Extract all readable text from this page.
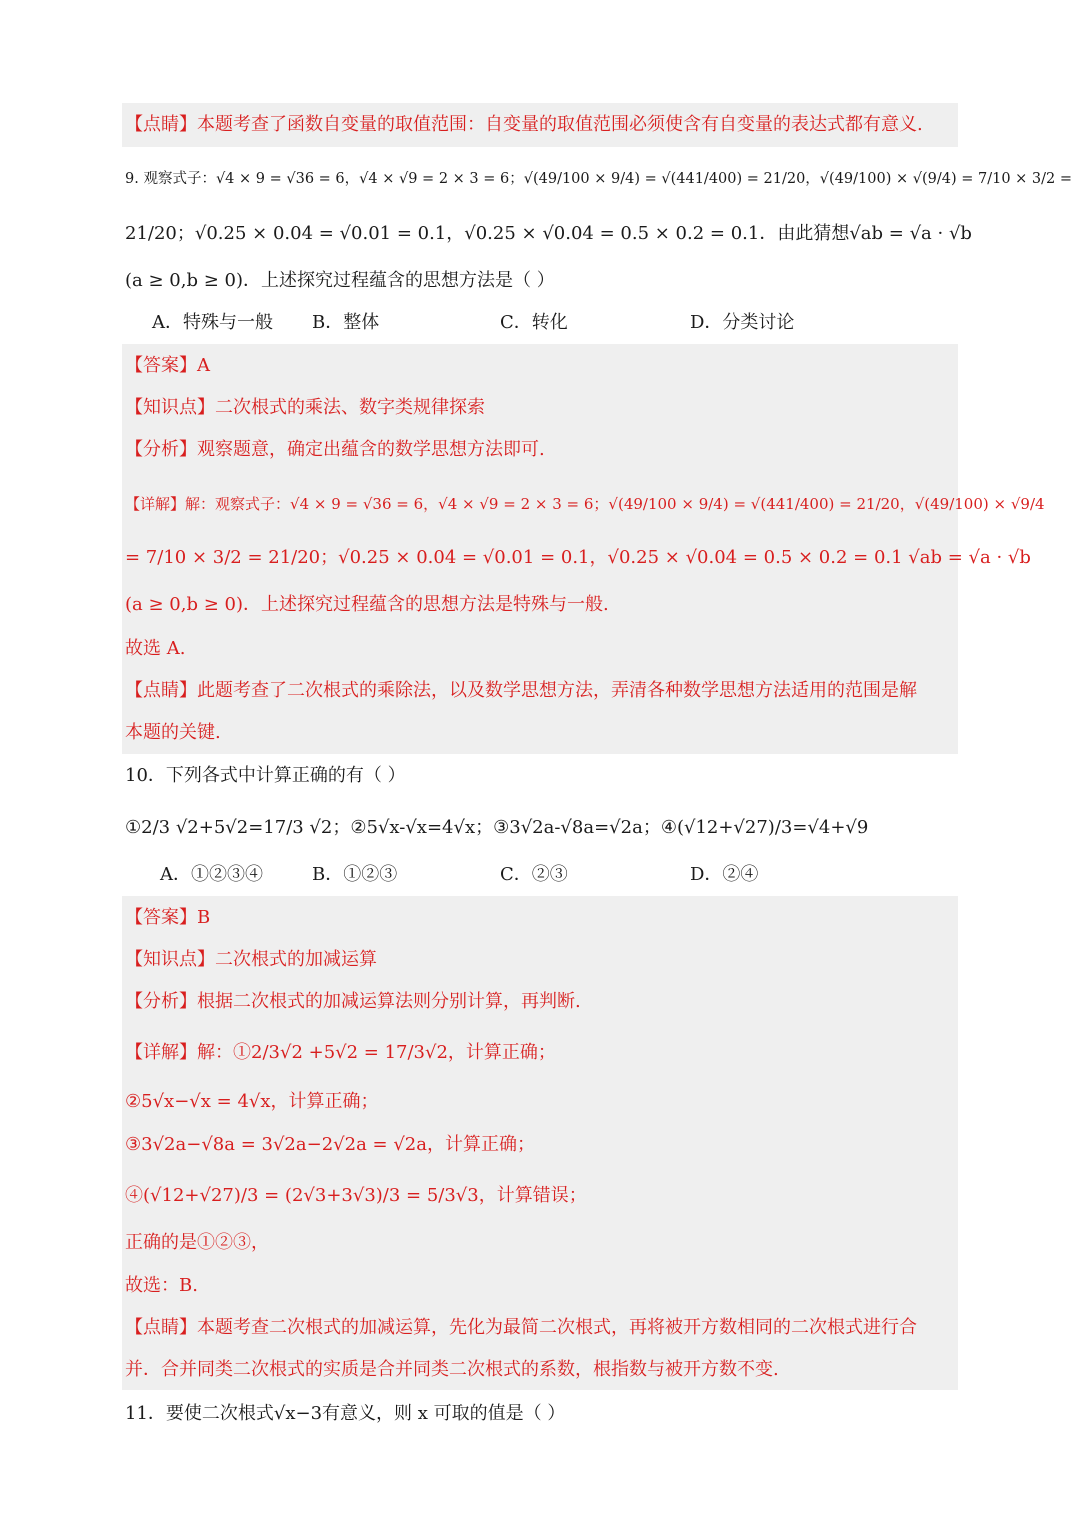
【点睛】本题考查了函数自变量的取值范围：自变量的取值范围必须使含有自变量的表达式都有意义.
9. 观察式子：√4 × 9 = √36 = 6，√4 × √9 = 2 × 3 = 6；√(49/100 × 9/4) = √(441/400) = 21/20，√(49/100) × √(9/4) = 7/10 × 3/2 =
21/20；√0.25 × 0.04 = √0.01 = 0.1，√0.25 × √0.04 = 0.5 × 0.2 = 0.1．由此猜想√ab = √a · √b
(a ≥ 0,b ≥ 0)．上述探究过程蕴含的思想方法是（ ）
A．特殊与一般 B．整体	C．转化	D．分类讨论
【答案】A
【知识点】二次根式的乘法、数字类规律探索
【分析】观察题意，确定出蕴含的数学思想方法即可.
【详解】解：观察式子：√4 × 9 = √36 = 6，√4 × √9 = 2 × 3 = 6；√(49/100 × 9/4) = √(441/400) = 21/20，√(49/100) × √9/4
= 7/10 × 3/2 = 21/20；√0.25 × 0.04 = √0.01 = 0.1，√0.25 × √0.04 = 0.5 × 0.2 = 0.1 √ab = √a · √b
(a ≥ 0,b ≥ 0)．上述探究过程蕴含的思想方法是特殊与一般.
故选 A.
【点睛】此题考查了二次根式的乘除法，以及数学思想方法，弄清各种数学思想方法适用的范围是解
本题的关键.
10．下列各式中计算正确的有（ ）
①2/3 √2+5√2=17/3 √2；②5√x-√x=4√x；③3√2a-√8a=√2a；④(√12+√27)/3=√4+√9
A．①②③④	B．①②③	C．②③	D．②④
【答案】B
【知识点】二次根式的加减运算
【分析】根据二次根式的加减运算法则分别计算，再判断.
【详解】解：①2/3√2 +5√2 = 17/3√2，计算正确；
②5√x−√x = 4√x，计算正确；
③3√2a−√8a = 3√2a−2√2a = √2a，计算正确；
④(√12+√27)/3 = (2√3+3√3)/3 = 5/3√3，计算错误；
正确的是①②③，
故选：B.
【点睛】本题考查二次根式的加减运算，先化为最简二次根式，再将被开方数相同的二次根式进行合
并．合并同类二次根式的实质是合并同类二次根式的系数，根指数与被开方数不变.
11．要使二次根式√x−3有意义，则 x 可取的值是（ ）
